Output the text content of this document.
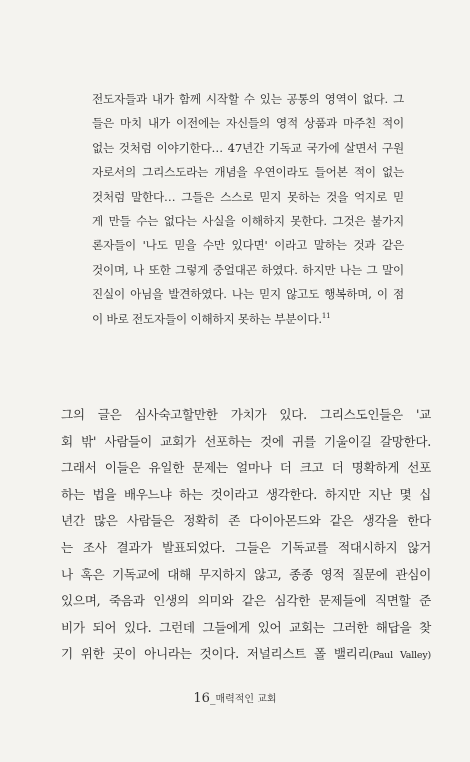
전도자들과 내가 함께 시작할 수 있는 공통의 영역이 없다. 그
들은 마치 내가 이전에는 자신들의 영적 상품과 마주친 적이
없는 것처럼 이야기한다… 47년간 기독교 국가에 살면서 구원
자로서의 그리스도라는 개념을 우연이라도 들어본 적이 없는
것처럼 말한다… 그들은 스스로 믿지 못하는 것을 억지로 믿
게 만들 수는 없다는 사실을 이해하지 못한다. 그것은 불가지
론자들이 '나도 믿을 수만 있다면' 이라고 말하는 것과 같은
것이며, 나 또한 그렇게 중얼대곤 하였다. 하지만 나는 그 말이
진실이 아님을 발견하였다. 나는 믿지 않고도 행복하며, 이 점
이 바로 전도자들이 이해하지 못하는 부분이다.$^{11}$
그의 글은 심사숙고할만한 가치가 있다. 그리스도인들은 '교
회 밖' 사람들이 교회가 선포하는 것에 귀를 기울이길 갈망한다.
그래서 이들은 유일한 문제는 얼마나 더 크고 더 명확하게 선포
하는 법을 배우느냐 하는 것이라고 생각한다. 하지만 지난 몇 십
년간 많은 사람들은 정확히 존 다이아몬드와 같은 생각을 한다
는 조사 결과가 발표되었다. 그들은 기독교를 적대시하지 않거
나 혹은 기독교에 대해 무지하지 않고, 종종 영적 질문에 관심이
있으며, 죽음과 인생의 의미와 같은 심각한 문제들에 직면할 준
비가 되어 있다. 그런데 그들에게 있어 교회는 그러한 해답을 찾
기 위한 곳이 아니라는 것이다. 저널리스트 폴 밸리리(Paul Valley)
16_매력적인 교회
